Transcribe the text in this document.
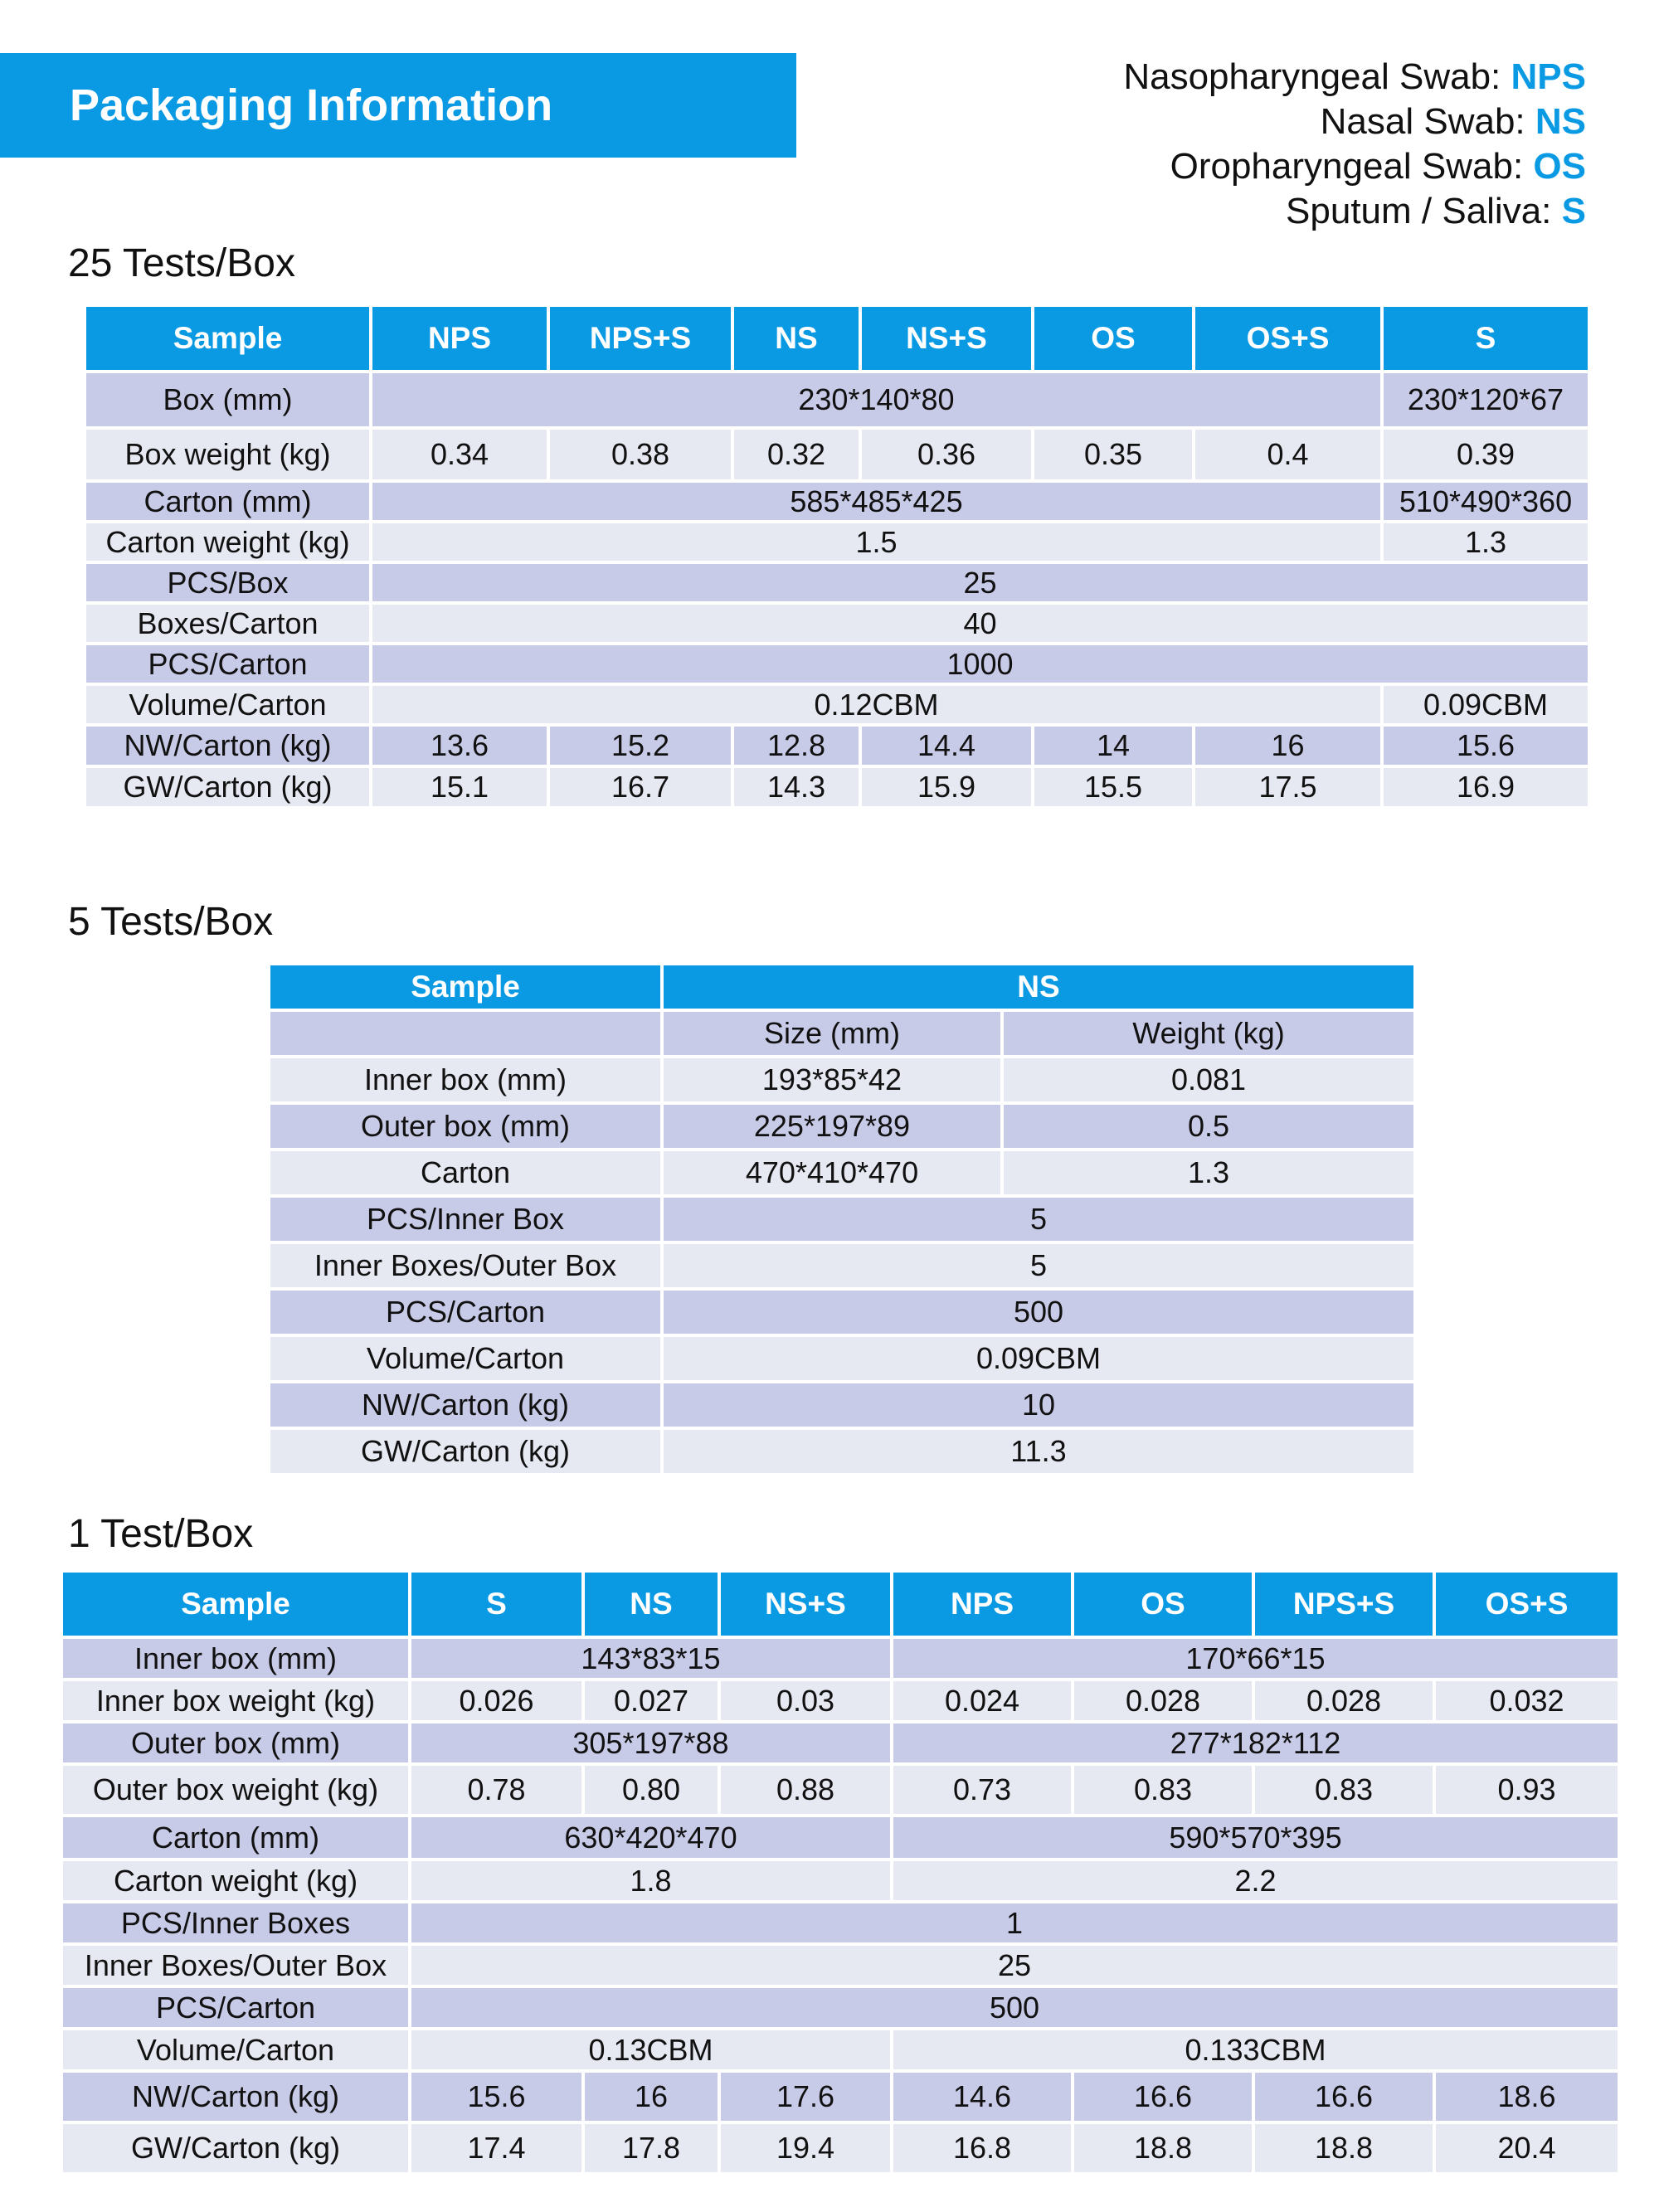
Packaging Information
Nasopharyngeal Swab: NPS
Nasal Swab: NS
Oropharyngeal Swab: OS
Sputum / Saliva: S
25 Tests/Box
Sample	NPS	NPS+S	NS	NS+S	OS	OS+S	S
Box (mm)	230*140*80						230*120*67
Box weight (kg)	0.34	0.38	0.32	0.36	0.35	0.4	0.39
Carton (mm)	585*485*425						510*490*360
Carton weight (kg)	1.5						1.3
PCS/Box	25						
Boxes/Carton	40						
PCS/Carton	1000						
Volume/Carton	0.12CBM						0.09CBM
NW/Carton (kg)	13.6	15.2	12.8	14.4	14	16	15.6
GW/Carton (kg)	15.1	16.7	14.3	15.9	15.5	17.5	16.9
5 Tests/Box
Sample	NS	
	Size (mm)	Weight (kg)
Inner box (mm)	193*85*42	0.081
Outer box (mm)	225*197*89	0.5
Carton	470*410*470	1.3
PCS/Inner Box	5	
Inner Boxes/Outer Box	5	
PCS/Carton	500	
Volume/Carton	0.09CBM	
NW/Carton (kg)	10	
GW/Carton (kg)	11.3	
1 Test/Box
Sample	S	NS	NS+S	NPS	OS	NPS+S	OS+S
Inner box (mm)	143*83*15			170*66*15			
Inner box weight (kg)	0.026	0.027	0.03	0.024	0.028	0.028	0.032
Outer box (mm)	305*197*88			277*182*112			
Outer box weight (kg)	0.78	0.80	0.88	0.73	0.83	0.83	0.93
Carton (mm)	630*420*470			590*570*395			
Carton weight (kg)	1.8			2.2			
PCS/Inner Boxes	1						
Inner Boxes/Outer Box	25						
PCS/Carton	500						
Volume/Carton	0.13CBM			0.133CBM			
NW/Carton (kg)	15.6	16	17.6	14.6	16.6	16.6	18.6
GW/Carton (kg)	17.4	17.8	19.4	16.8	18.8	18.8	20.4
